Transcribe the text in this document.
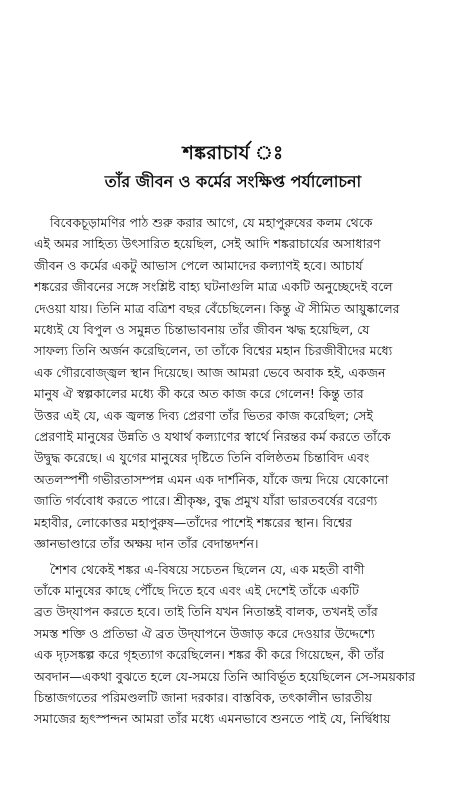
শঙ্করাচার্য ঃ
তাঁর জীবন ও কর্মের সংক্ষিপ্ত পর্যালোচনা
বিবেকচূড়ামণির পাঠ শুরু করার আগে, যে মহাপুরুষের কলম থেকে
এই অমর সাহিত্য উৎসারিত হয়েছিল, সেই আদি শঙ্করাচার্যের অসাধারণ
জীবন ও কর্মের একটু আভাস পেলে আমাদের কল্যাণই হবে। আচার্য
শঙ্করের জীবনের সঙ্গে সংশ্লিষ্ট বাহ্য ঘটনাগুলি মাত্র একটি অনুচ্ছেদেই বলে
দেওয়া যায়। তিনি মাত্র বত্রিশ বছর বেঁচেছিলেন। কিন্তু ঐ সীমিত আয়ুষ্কালের
মধ্যেই যে বিপুল ও সমুন্নত চিন্তাভাবনায় তাঁর জীবন ঋদ্ধ হয়েছিল, যে
সাফল্য তিনি অর্জন করেছিলেন, তা তাঁকে বিশ্বের মহান চিরজীবীদের মধ্যে
এক গৌরবোজ্জ্বল স্থান দিয়েছে। আজ আমরা ভেবে অবাক হই, একজন
মানুষ ঐ স্বল্পকালের মধ্যে কী করে অত কাজ করে গেলেন! কিন্তু তার
উত্তর এই যে, এক জ্বলন্ত দিব্য প্রেরণা তাঁর ভিতর কাজ করেছিল; সেই
প্রেরণাই মানুষের উন্নতি ও যথার্থ কল্যাণের স্বার্থে নিরন্তর কর্ম করতে তাঁকে
উদ্বুদ্ধ করেছে। এ যুগের মানুষের দৃষ্টিতে তিনি বলিষ্ঠতম চিন্তাবিদ এবং
অতলস্পর্শী গভীরতাসম্পন্ন এমন এক দার্শনিক, যাঁকে জন্ম দিয়ে যেকোনো
জাতি গর্ববোধ করতে পারে। শ্রীকৃষ্ণ, বুদ্ধ প্রমুখ যাঁরা ভারতবর্ষের বরেণ্য
মহাবীর, লোকোত্তর মহাপুরুষ—তাঁদের পাশেই শঙ্করের স্থান। বিশ্বের
জ্ঞানভাণ্ডারে তাঁর অক্ষয় দান তাঁর বেদান্তদর্শন।
শৈশব থেকেই শঙ্কর এ-বিষয়ে সচেতন ছিলেন যে, এক মহতী বাণী
তাঁকে মানুষের কাছে পৌঁছে দিতে হবে এবং এই দেশেই তাঁকে একটি
ব্রত উদ্‌যাপন করতে হবে। তাই তিনি যখন নিতান্তই বালক, তখনই তাঁর
সমস্ত শক্তি ও প্রতিভা ঐ ব্রত উদ্‌যাপনে উজাড় করে দেওয়ার উদ্দেশ্যে
এক দৃঢ়সঙ্কল্প করে গৃহত্যাগ করেছিলেন। শঙ্কর কী করে গিয়েছেন, কী তাঁর
অবদান—একথা বুঝতে হলে যে-সময়ে তিনি আবির্ভূত হয়েছিলেন সে-সময়কার
চিন্তাজগতের পরিমণ্ডলটি জানা দরকার। বাস্তবিক, তৎকালীন ভারতীয়
সমাজের হৃৎস্পন্দন আমরা তাঁর মধ্যে এমনভাবে শুনতে পাই যে, নির্দ্বিধায়
